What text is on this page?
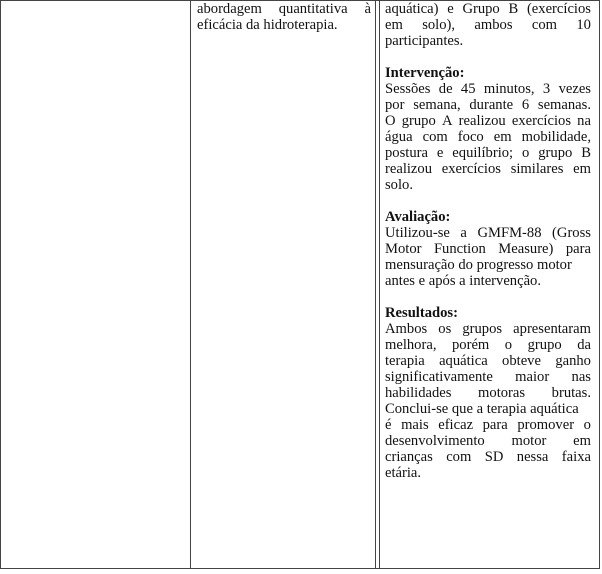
abordagem quantitativa à
eficácia da hidroterapia.
aquática) e Grupo B (exercícios
em solo), ambos com 10
participantes.
Intervenção:
Sessões de 45 minutos, 3 vezes
por semana, durante 6 semanas.
O grupo A realizou exercícios na
água com foco em mobilidade,
postura e equilíbrio; o grupo B
realizou exercícios similares em
solo.
Avaliação:
Utilizou-se a GMFM-88 (Gross
Motor Function Measure) para
mensuração do progresso motor
antes e após a intervenção.
Resultados:
Ambos os grupos apresentaram
melhora, porém o grupo da
terapia aquática obteve ganho
significativamente maior nas
habilidades motoras brutas.
Conclui-se que a terapia aquática
é mais eficaz para promover o
desenvolvimento motor em
crianças com SD nessa faixa
etária.
